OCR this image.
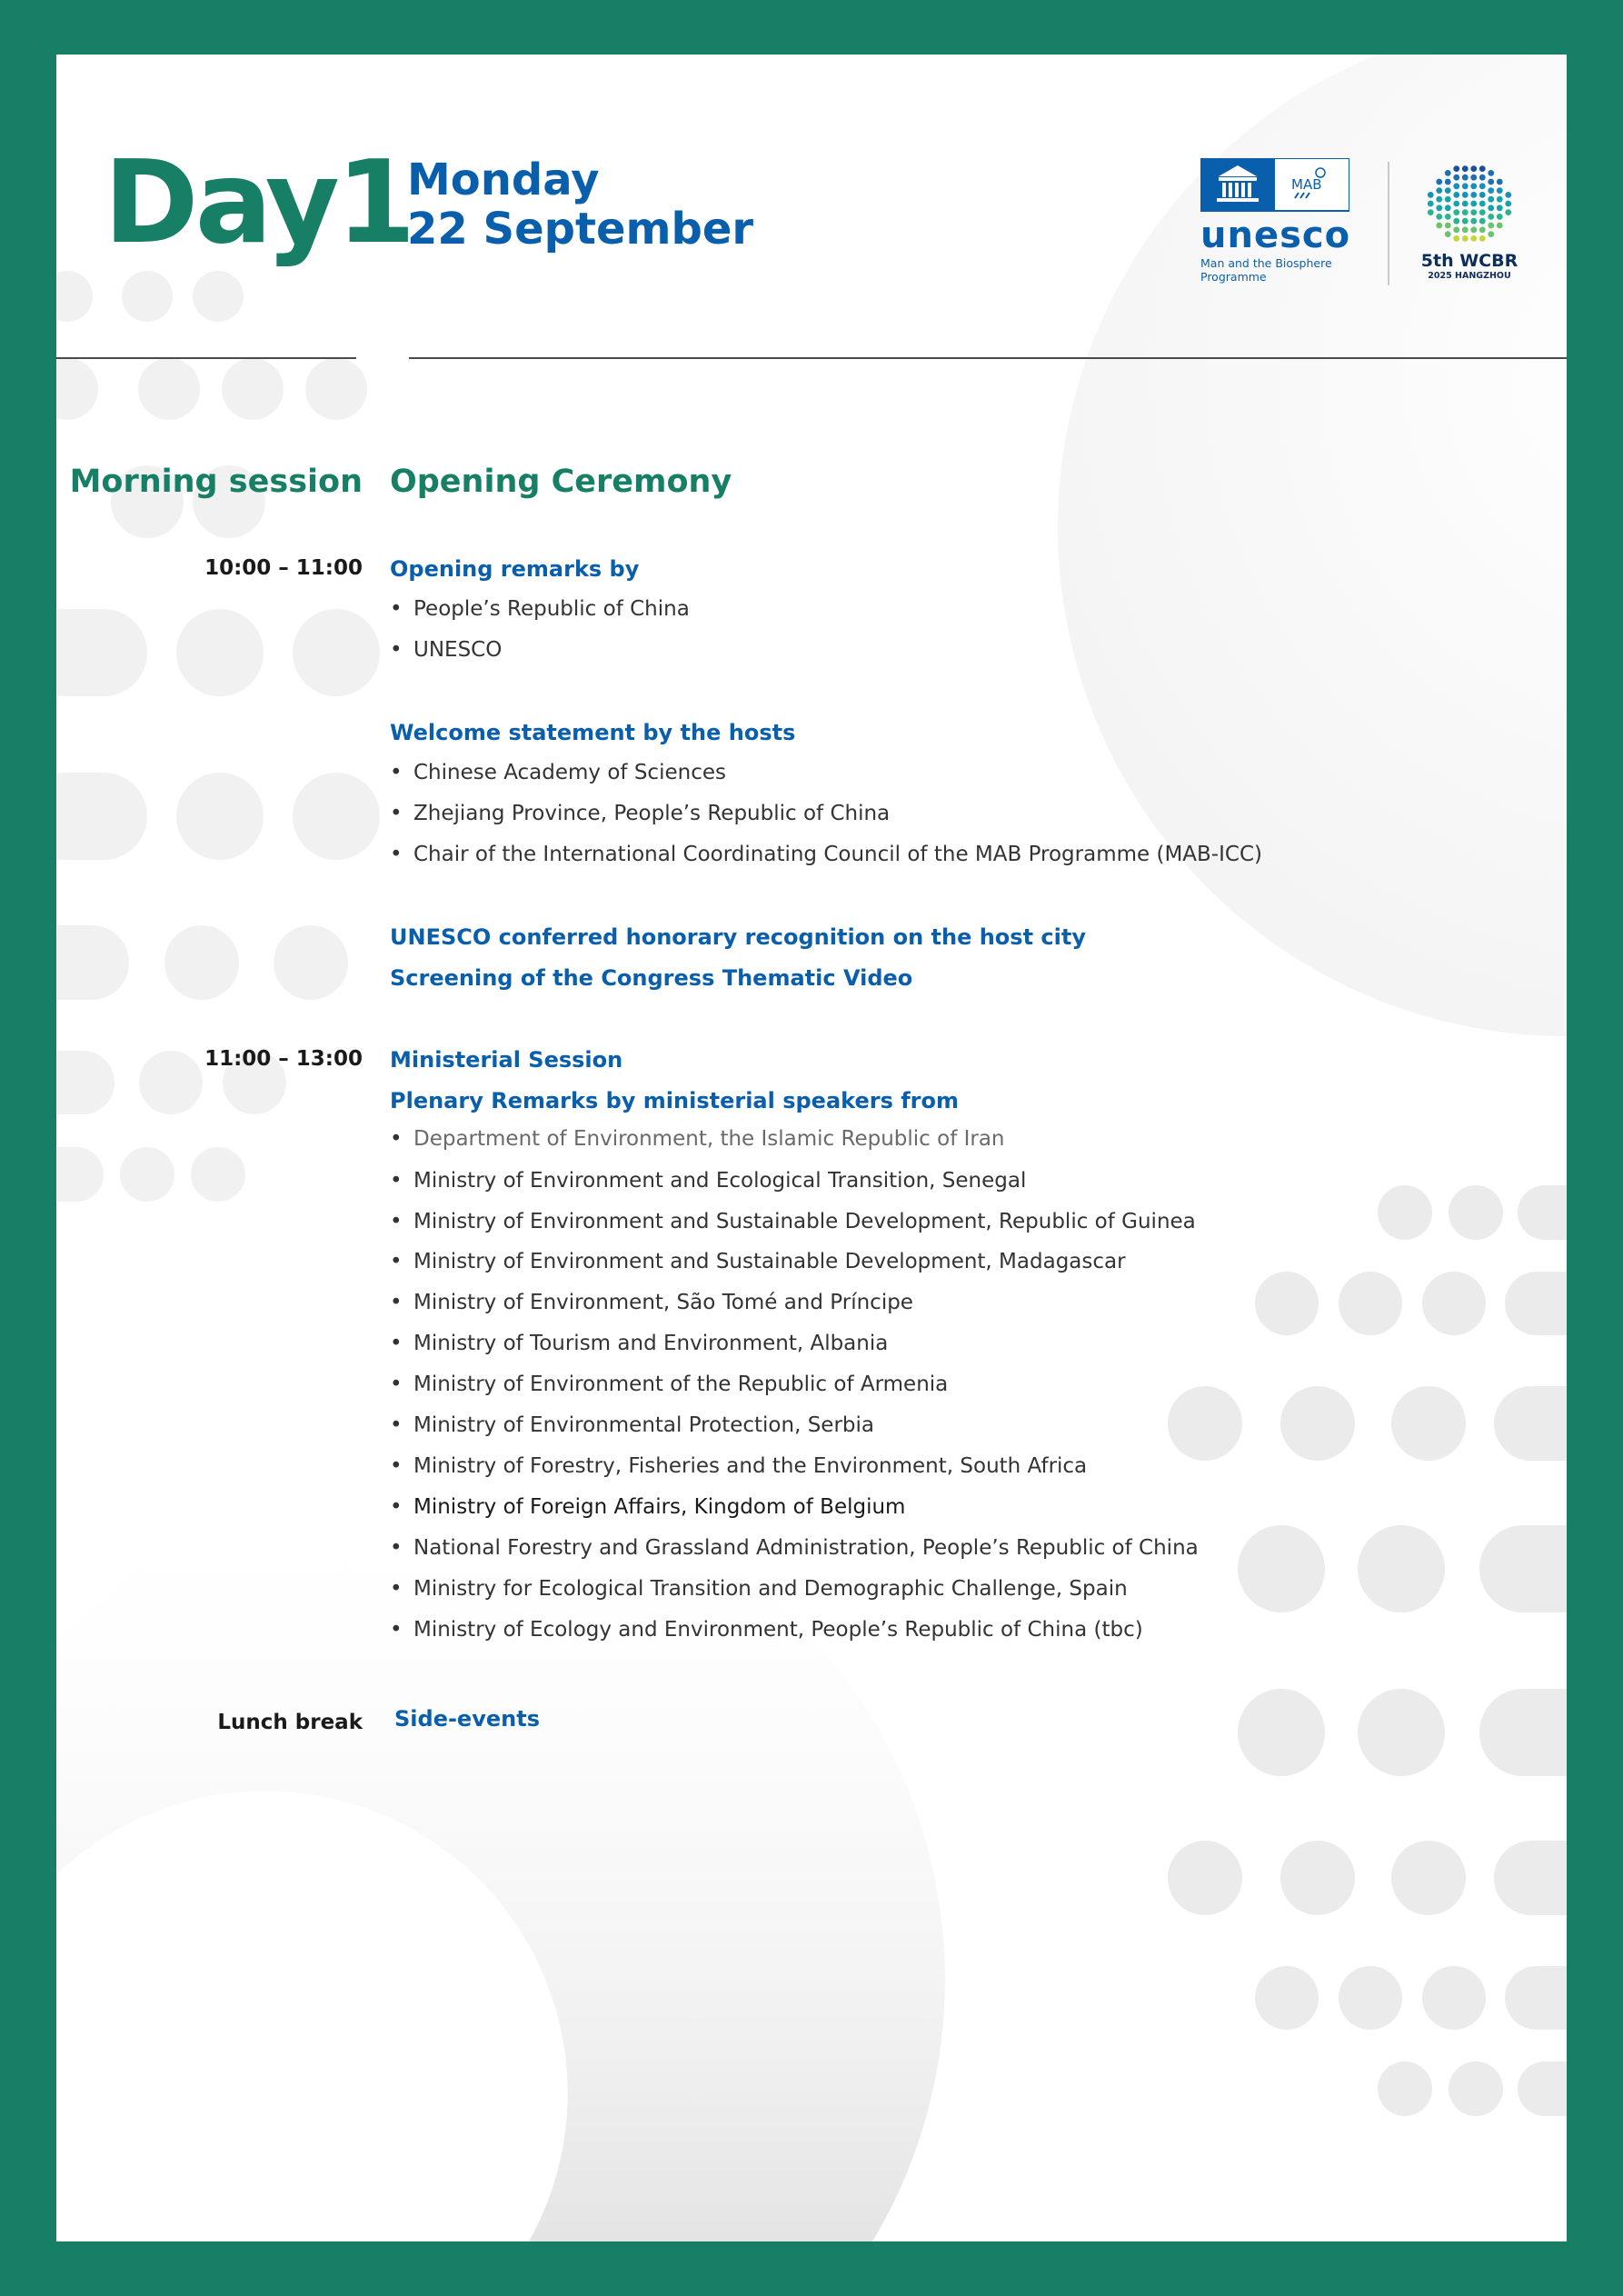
Day1
Monday
22 September
MAB
unesco
Man and the Biosphere
Programme
5th WCBR
2025 HANGZHOU
Morning session Opening Ceremony
10:00 – 11:00 Opening remarks by
• People’s Republic of China
• UNESCO
Welcome statement by the hosts
• Chinese Academy of Sciences
• Zhejiang Province, People’s Republic of China
• Chair of the International Coordinating Council of the MAB Programme (MAB-ICC)
UNESCO conferred honorary recognition on the host city
Screening of the Congress Thematic Video
11:00 – 13:00 Ministerial Session
Plenary Remarks by ministerial speakers from
• Department of Environment, the Islamic Republic of Iran
• Ministry of Environment and Ecological Transition, Senegal
• Ministry of Environment and Sustainable Development, Republic of Guinea
• Ministry of Environment and Sustainable Development, Madagascar
• Ministry of Environment, São Tomé and Príncipe
• Ministry of Tourism and Environment, Albania
• Ministry of Environment of the Republic of Armenia
• Ministry of Environmental Protection, Serbia
• Ministry of Forestry, Fisheries and the Environment, South Africa
• Ministry of Foreign Affairs, Kingdom of Belgium
• National Forestry and Grassland Administration, People’s Republic of China
• Ministry for Ecological Transition and Demographic Challenge, Spain
• Ministry of Ecology and Environment, People’s Republic of China (tbc)
Lunch break Side-events
